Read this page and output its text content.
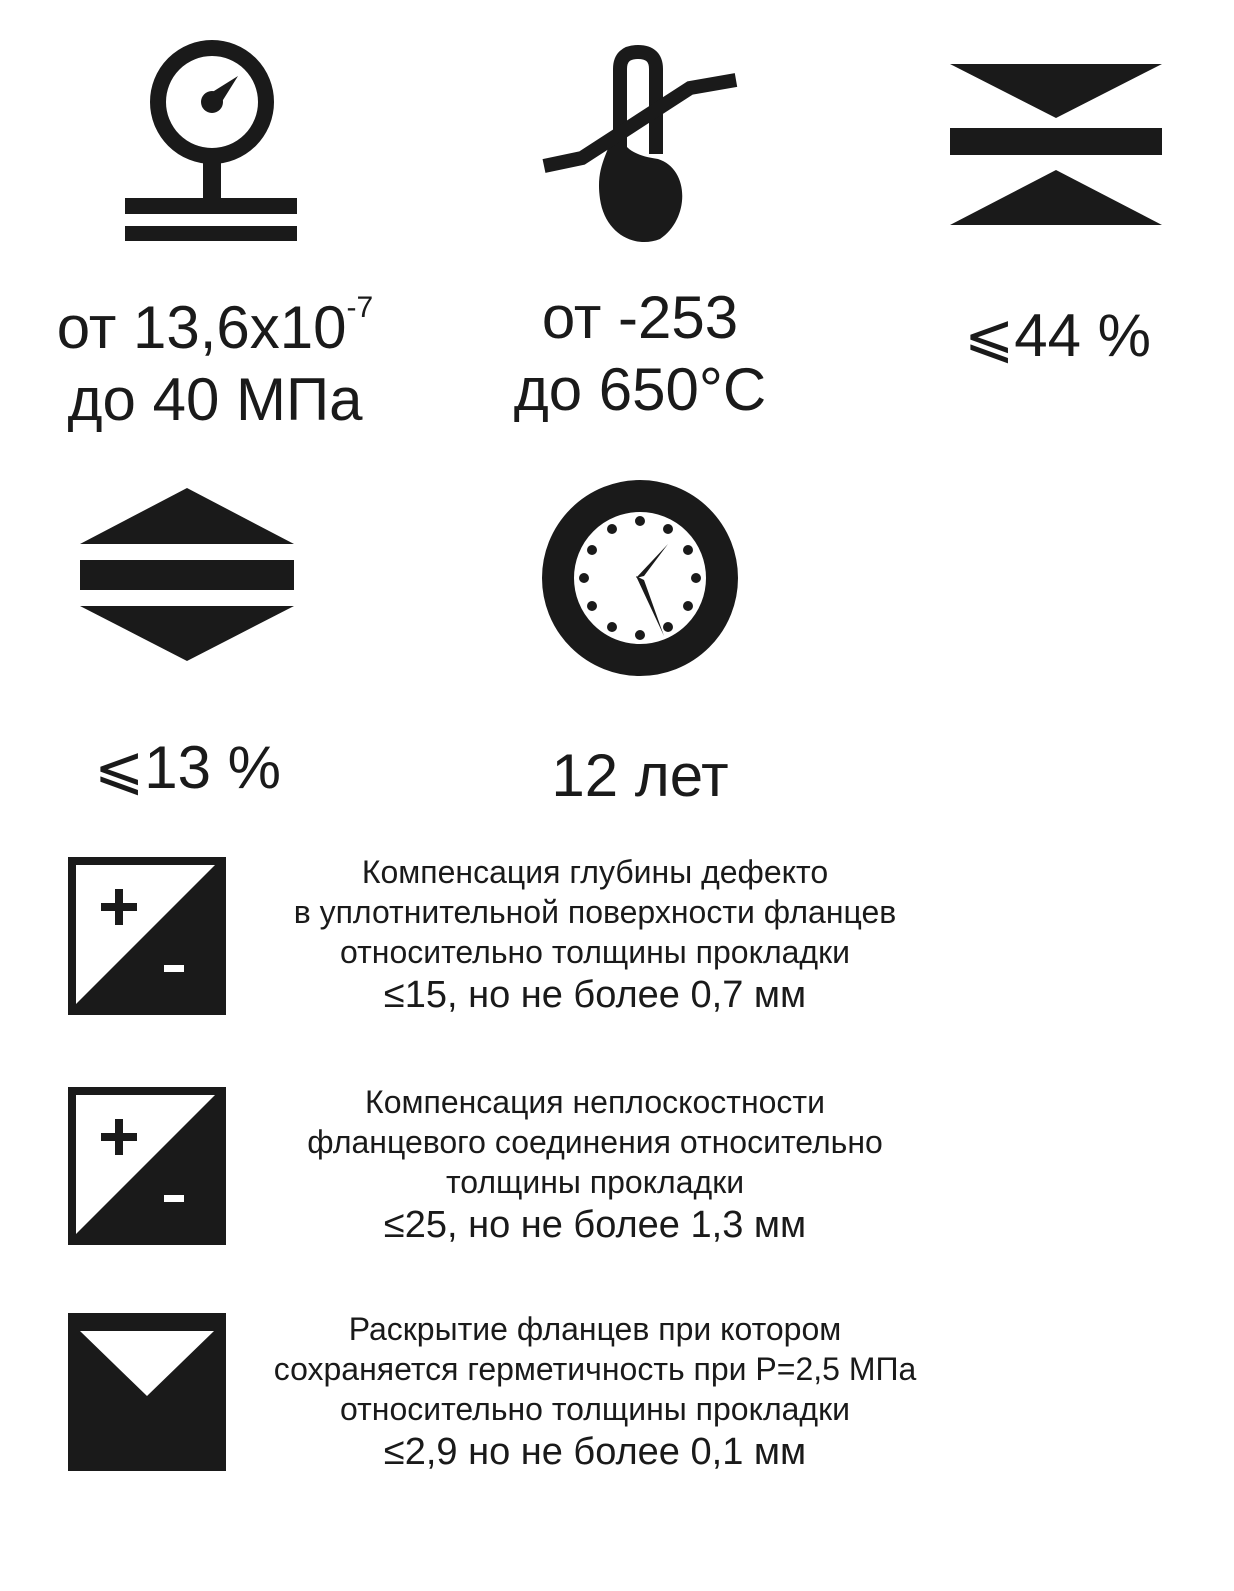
от $13,6х10^{-7}$
до 40 МПа
от -253
до 650°С
⩽44 %
⩽13 %	12 лет
Компенсация глубины дефекто
в уплотнительной поверхности фланцев
относительно толщины прокладки
≤15, но не более 0,7 мм
Компенсация неплоскостности
фланцевого соединения относительно
толщины прокладки
≤25, но не более 1,3 мм
Раскрытие фланцев при котором
сохраняется герметичность при Р=2,5 МПа
относительно толщины прокладки
≤2,9 но не более 0,1 мм
